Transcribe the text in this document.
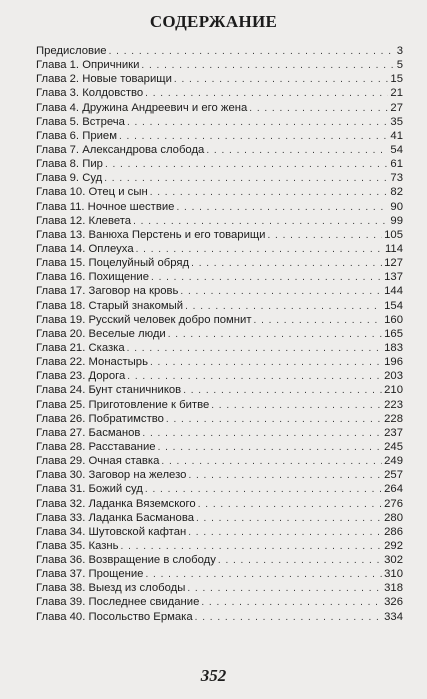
СОДЕРЖАНИЕ
Предисловие . . .	3
Глава 1. Опричники . . .	5
Глава 2. Новые товарищи . . .	15
Глава 3. Колдовство . . .	21
Глава 4. Дружина Андреевич и его жена . . .	27
Глава 5. Встреча . . .	35
Глава 6. Прием . . .	41
Глава 7. Александрова слобода . . .	54
Глава 8. Пир . . .	61
Глава 9. Суд . . .	73
Глава 10. Отец и сын . . .	82
Глава 11. Ночное шествие . . .	90
Глава 12. Клевета . . .	99
Глава 13. Ванюха Перстень и его товарищи . . .	105
Глава 14. Оплеуха . . .	114
Глава 15. Поцелуйный обряд . . .	127
Глава 16. Похищение . . .	137
Глава 17. Заговор на кровь . . .	144
Глава 18. Старый знакомый . . .	154
Глава 19. Русский человек добро помнит . . .	160
Глава 20. Веселые люди . . .	165
Глава 21. Сказка . . .	183
Глава 22. Монастырь . . .	196
Глава 23. Дорога . . .	203
Глава 24. Бунт станичников . . .	210
Глава 25. Приготовление к битве . . .	223
Глава 26. Побратимство . . .	228
Глава 27. Басманов . . .	237
Глава 28. Расставание . . .	245
Глава 29. Очная ставка . . .	249
Глава 30. Заговор на железо . . .	257
Глава 31. Божий суд . . .	264
Глава 32. Ладанка Вяземского . . .	276
Глава 33. Ладанка Басманова . . .	280
Глава 34. Шутовской кафтан . . .	286
Глава 35. Казнь . . .	292
Глава 36. Возвращение в слободу . . .	302
Глава 37. Прощение . . .	310
Глава 38. Выезд из слободы . . .	318
Глава 39. Последнее свидание . . .	326
Глава 40. Посольство Ермака . . .	334
352
